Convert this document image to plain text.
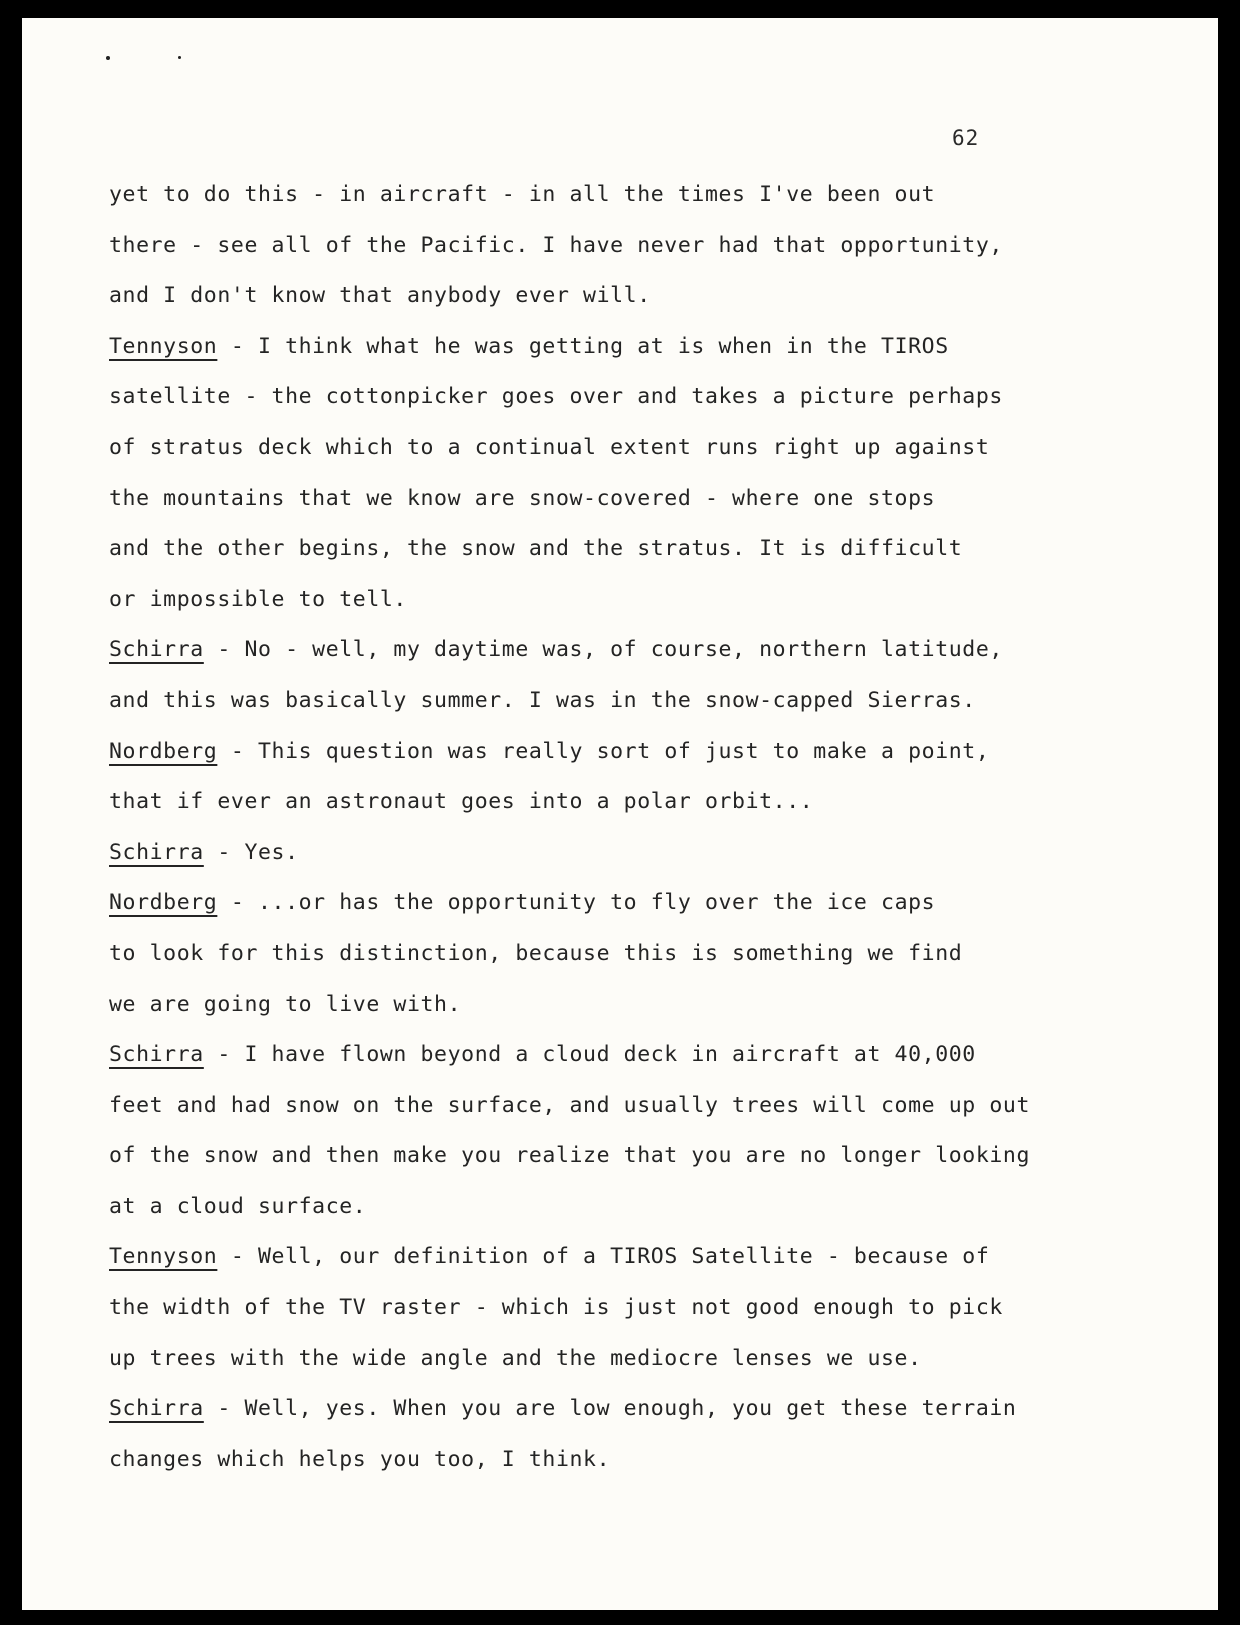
62
yet to do this - in aircraft - in all the times I've been out
there - see all of the Pacific. I have never had that opportunity,
and I don't know that anybody ever will.
Tennyson - I think what he was getting at is when in the TIROS
satellite - the cottonpicker goes over and takes a picture perhaps
of stratus deck which to a continual extent runs right up against
the mountains that we know are snow-covered - where one stops
and the other begins, the snow and the stratus. It is difficult
or impossible to tell.
Schirra - No - well, my daytime was, of course, northern latitude,
and this was basically summer. I was in the snow-capped Sierras.
Nordberg - This question was really sort of just to make a point,
that if ever an astronaut goes into a polar orbit...
Schirra - Yes.
Nordberg - ...or has the opportunity to fly over the ice caps
to look for this distinction, because this is something we find
we are going to live with.
Schirra - I have flown beyond a cloud deck in aircraft at 40,000
feet and had snow on the surface, and usually trees will come up out
of the snow and then make you realize that you are no longer looking
at a cloud surface.
Tennyson - Well, our definition of a TIROS Satellite - because of
the width of the TV raster - which is just not good enough to pick
up trees with the wide angle and the mediocre lenses we use.
Schirra - Well, yes. When you are low enough, you get these terrain
changes which helps you too, I think.
